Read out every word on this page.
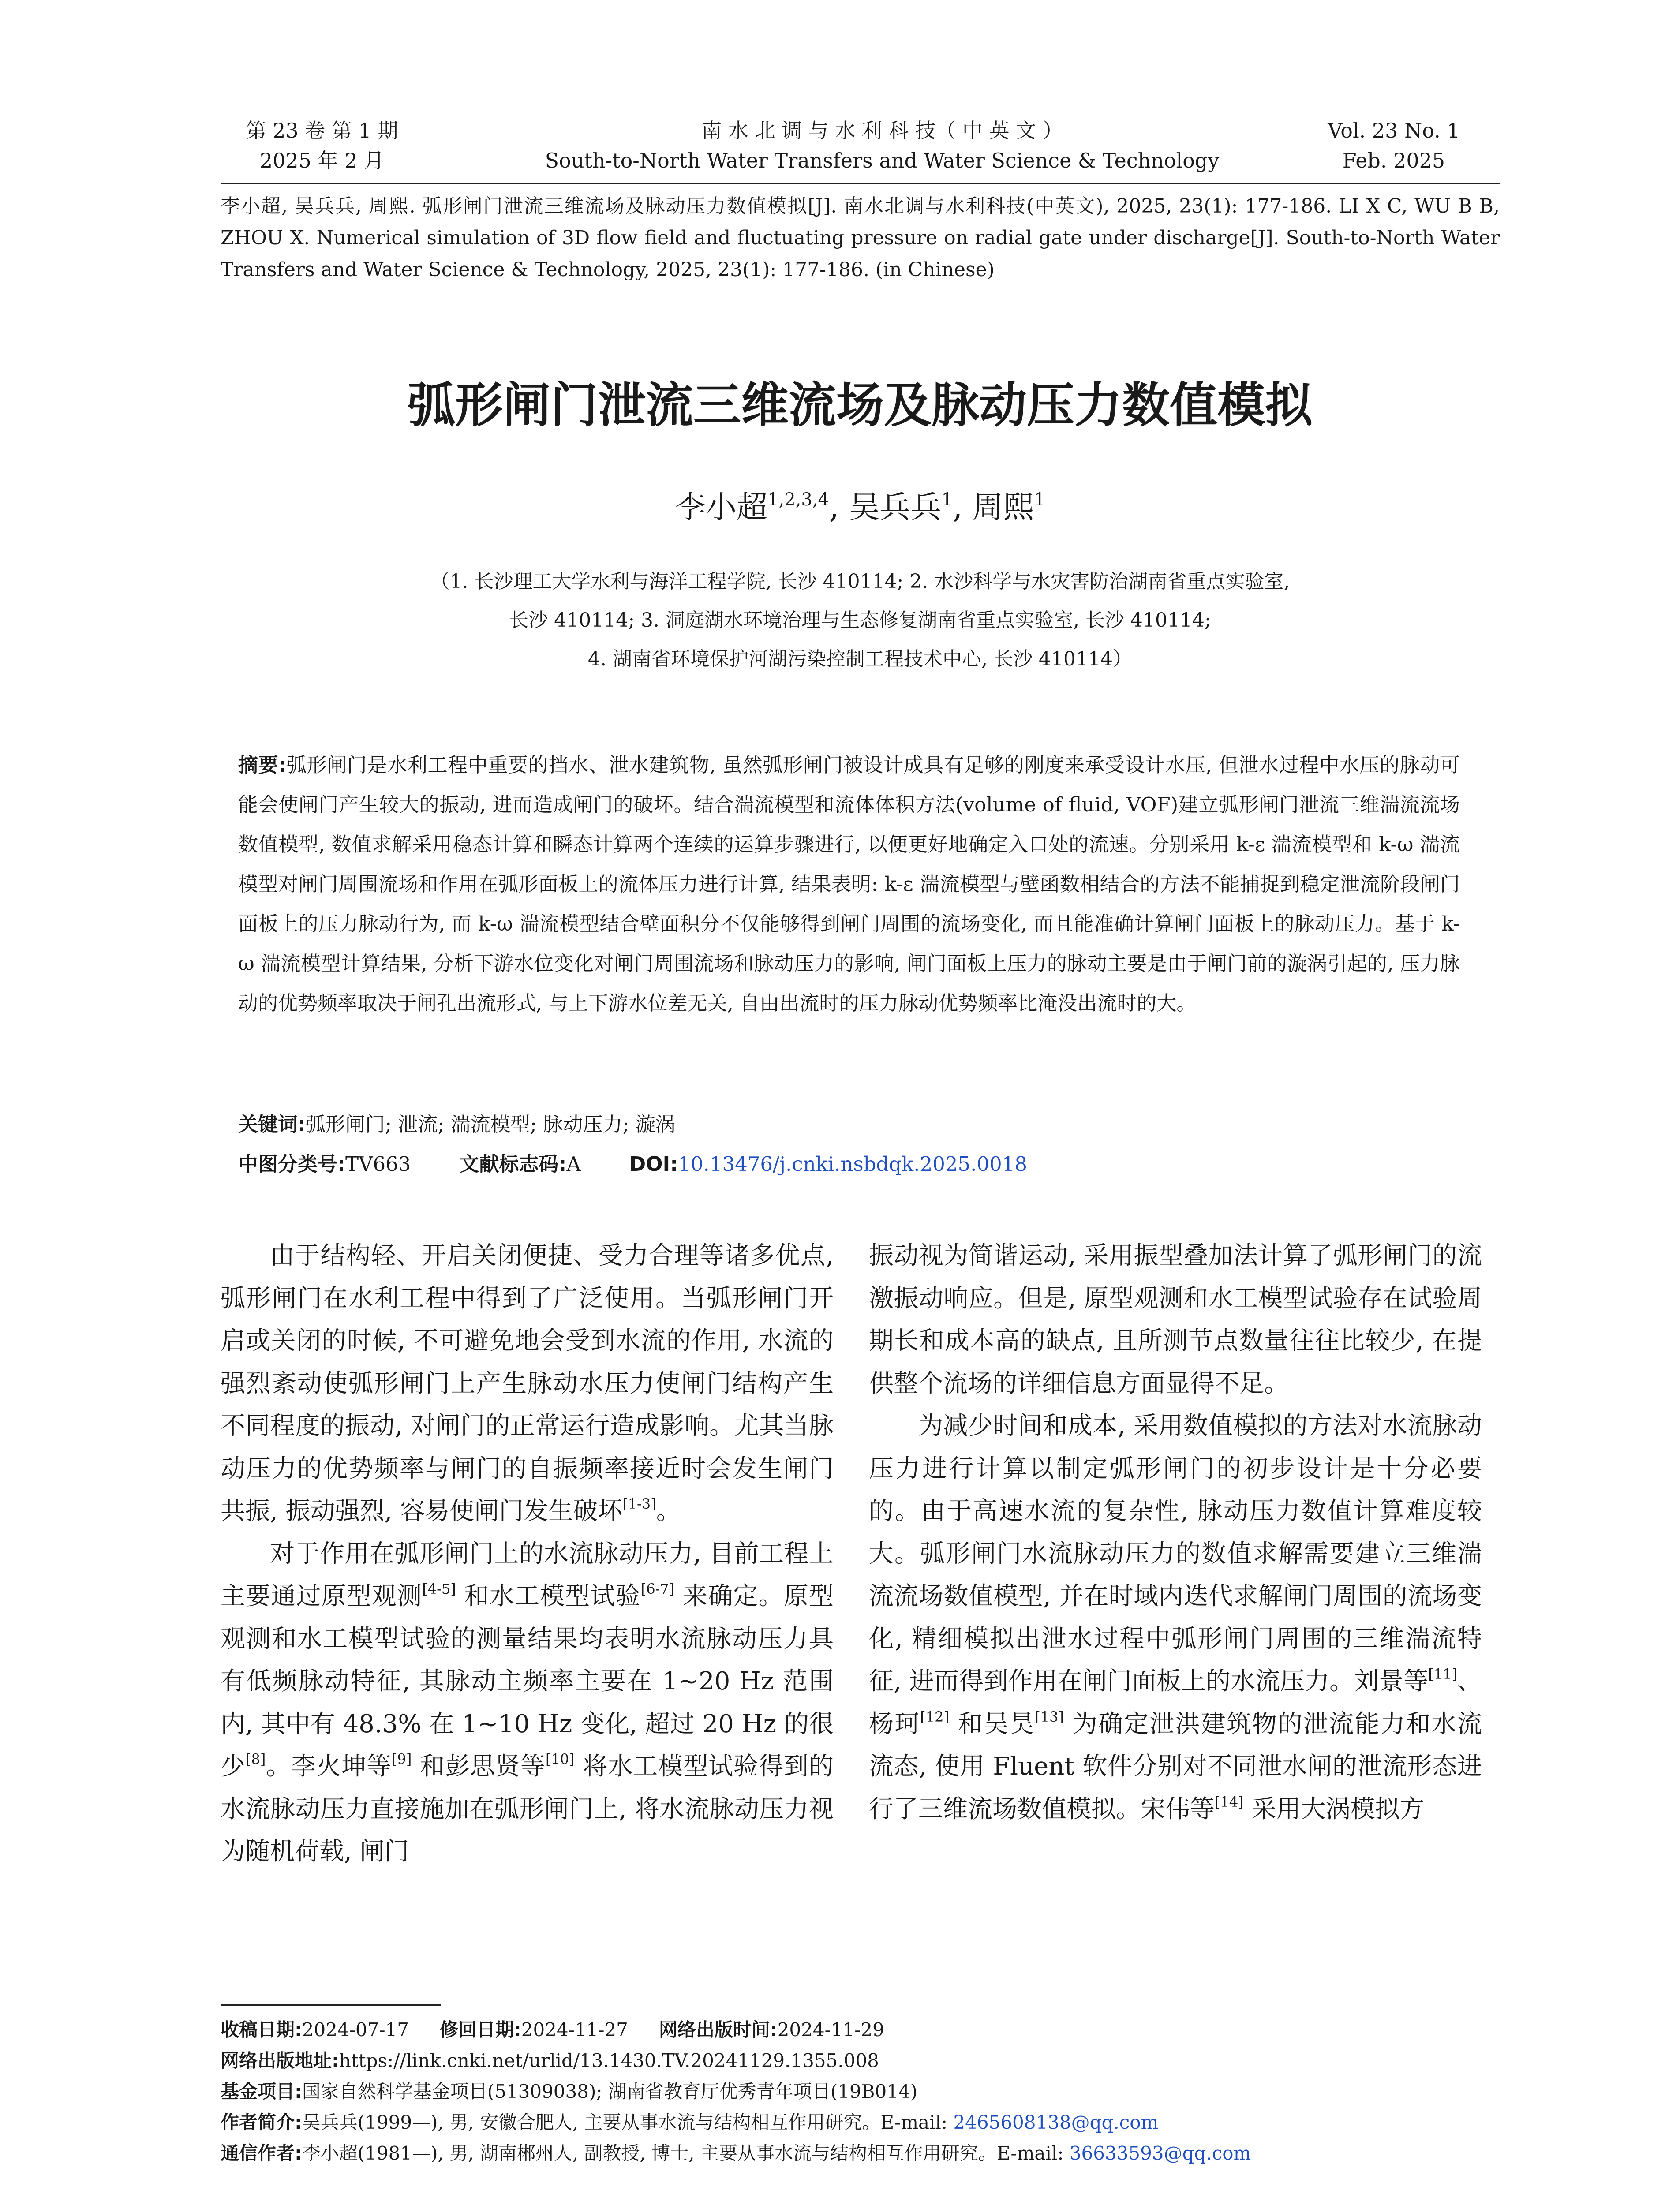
第 23 卷 第 1 期
2025 年 2 月
南 水 北 调 与 水 利 科 技（ 中 英 文 ）
South-to-North Water Transfers and Water Science & Technology
Vol. 23 No. 1
Feb. 2025
李小超, 吴兵兵, 周熙. 弧形闸门泄流三维流场及脉动压力数值模拟[J]. 南水北调与水利科技(中英文), 2025, 23(1): 177-186. LI X C, WU B B, ZHOU X. Numerical simulation of 3D flow field and fluctuating pressure on radial gate under discharge[J]. South-to-North Water Transfers and Water Science & Technology, 2025, 23(1): 177-186. (in Chinese)
弧形闸门泄流三维流场及脉动压力数值模拟
李小超$^{1,2,3,4}$, 吴兵兵$^1$, 周熙$^1$
（1. 长沙理工大学水利与海洋工程学院, 长沙 410114; 2. 水沙科学与水灾害防治湖南省重点实验室,
长沙 410114; 3. 洞庭湖水环境治理与生态修复湖南省重点实验室, 长沙 410114;
4. 湖南省环境保护河湖污染控制工程技术中心, 长沙 410114）
摘要:弧形闸门是水利工程中重要的挡水、泄水建筑物, 虽然弧形闸门被设计成具有足够的刚度来承受设计水压, 但泄水过程中水压的脉动可能会使闸门产生较大的振动, 进而造成闸门的破坏。结合湍流模型和流体体积方法(volume of fluid, VOF)建立弧形闸门泄流三维湍流流场数值模型, 数值求解采用稳态计算和瞬态计算两个连续的运算步骤进行, 以便更好地确定入口处的流速。分别采用 k-ε 湍流模型和 k-ω 湍流模型对闸门周围流场和作用在弧形面板上的流体压力进行计算, 结果表明: k-ε 湍流模型与壁函数相结合的方法不能捕捉到稳定泄流阶段闸门面板上的压力脉动行为, 而 k-ω 湍流模型结合壁面积分不仅能够得到闸门周围的流场变化, 而且能准确计算闸门面板上的脉动压力。基于 k-ω 湍流模型计算结果, 分析下游水位变化对闸门周围流场和脉动压力的影响, 闸门面板上压力的脉动主要是由于闸门前的漩涡引起的, 压力脉动的优势频率取决于闸孔出流形式, 与上下游水位差无关, 自由出流时的压力脉动优势频率比淹没出流时的大。
关键词:弧形闸门; 泄流; 湍流模型; 脉动压力; 漩涡
中图分类号:TV663 文献标志码:A DOI:10.13476/j.cnki.nsbdqk.2025.0018

由于结构轻、开启关闭便捷、受力合理等诸多优点, 弧形闸门在水利工程中得到了广泛使用。当弧形闸门开启或关闭的时候, 不可避免地会受到水流的作用, 水流的强烈紊动使弧形闸门上产生脉动水压力使闸门结构产生不同程度的振动, 对闸门的正常运行造成影响。尤其当脉动压力的优势频率与闸门的自振频率接近时会发生闸门共振, 振动强烈, 容易使闸门发生破坏[1-3]。

对于作用在弧形闸门上的水流脉动压力, 目前工程上主要通过原型观测[4-5] 和水工模型试验[6-7] 来确定。原型观测和水工模型试验的测量结果均表明水流脉动压力具有低频脉动特征, 其脉动主频率主要在 1~20 Hz 范围内, 其中有 48.3% 在 1~10 Hz 变化, 超过 20 Hz 的很少[8]。李火坤等[9] 和彭思贤等[10] 将水工模型试验得到的水流脉动压力直接施加在弧形闸门上, 将水流脉动压力视为随机荷载, 闸门

振动视为简谐运动, 采用振型叠加法计算了弧形闸门的流激振动响应。但是, 原型观测和水工模型试验存在试验周期长和成本高的缺点, 且所测节点数量往往比较少, 在提供整个流场的详细信息方面显得不足。

为减少时间和成本, 采用数值模拟的方法对水流脉动压力进行计算以制定弧形闸门的初步设计是十分必要的。由于高速水流的复杂性, 脉动压力数值计算难度较大。弧形闸门水流脉动压力的数值求解需要建立三维湍流流场数值模型, 并在时域内迭代求解闸门周围的流场变化, 精细模拟出泄水过程中弧形闸门周围的三维湍流特征, 进而得到作用在闸门面板上的水流压力。刘景等[11]、杨珂[12] 和吴昊[13] 为确定泄洪建筑物的泄流能力和水流流态, 使用 Fluent 软件分别对不同泄水闸的泄流形态进行了三维流场数值模拟。宋伟等[14] 采用大涡模拟方

收稿日期:2024-07-17 修回日期:2024-11-27 网络出版时间:2024-11-29
网络出版地址:https://link.cnki.net/urlid/13.1430.TV.20241129.1355.008
基金项目:国家自然科学基金项目(51309038); 湖南省教育厅优秀青年项目(19B014)
作者简介:吴兵兵(1999—), 男, 安徽合肥人, 主要从事水流与结构相互作用研究。E-mail: 2465608138@qq.com
通信作者:李小超(1981—), 男, 湖南郴州人, 副教授, 博士, 主要从事水流与结构相互作用研究。E-mail: 36633593@qq.com
